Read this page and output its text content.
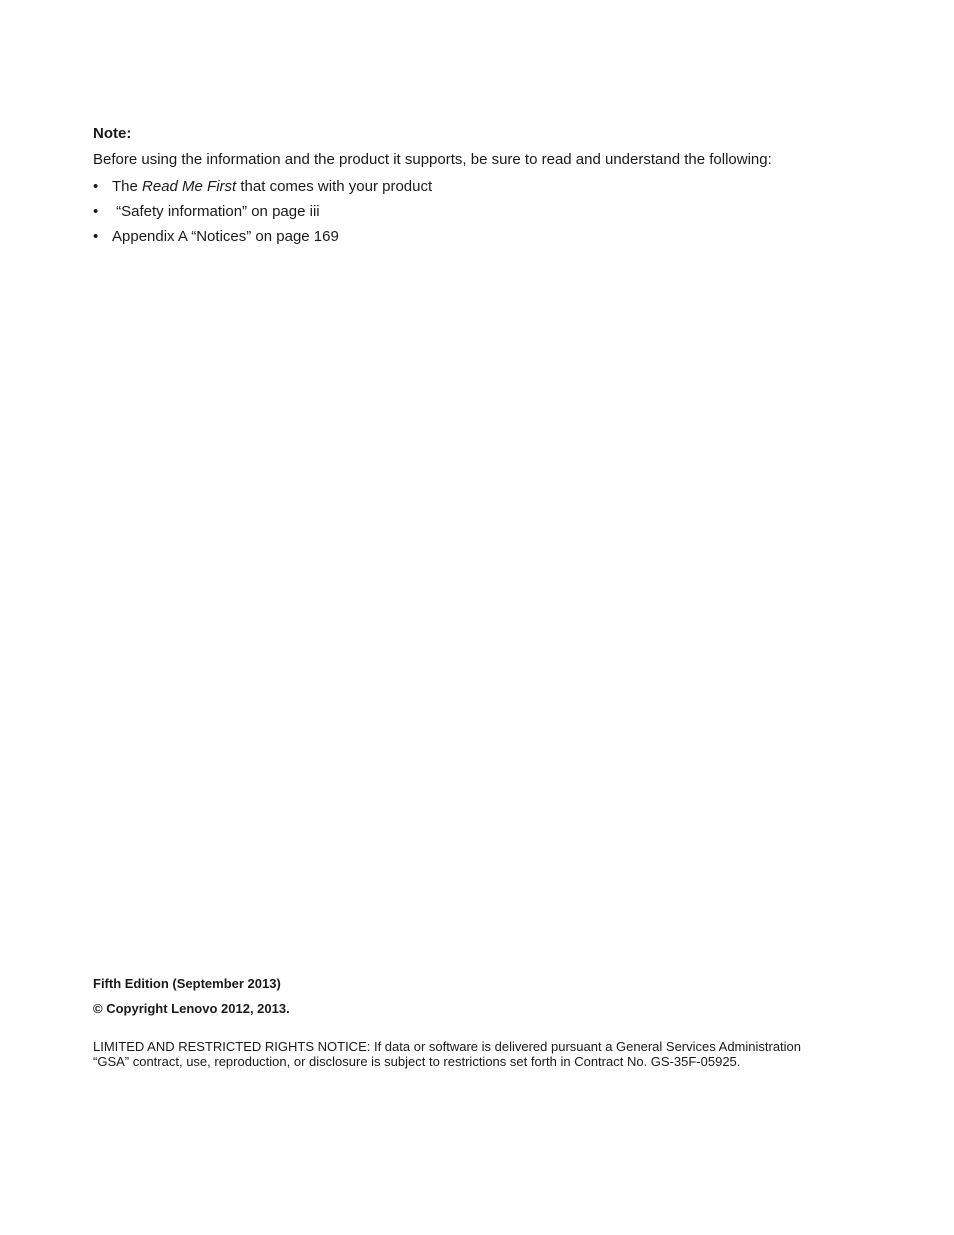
Note:

Before using the information and the product it supports, be sure to read and understand the following:

• The Read Me First that comes with your product
• “Safety information” on page iii
• Appendix A “Notices” on page 169

Fifth Edition (September 2013)

© Copyright Lenovo 2012, 2013.

LIMITED AND RESTRICTED RIGHTS NOTICE: If data or software is delivered pursuant a General Services Administration
“GSA” contract, use, reproduction, or disclosure is subject to restrictions set forth in Contract No. GS-35F-05925.
